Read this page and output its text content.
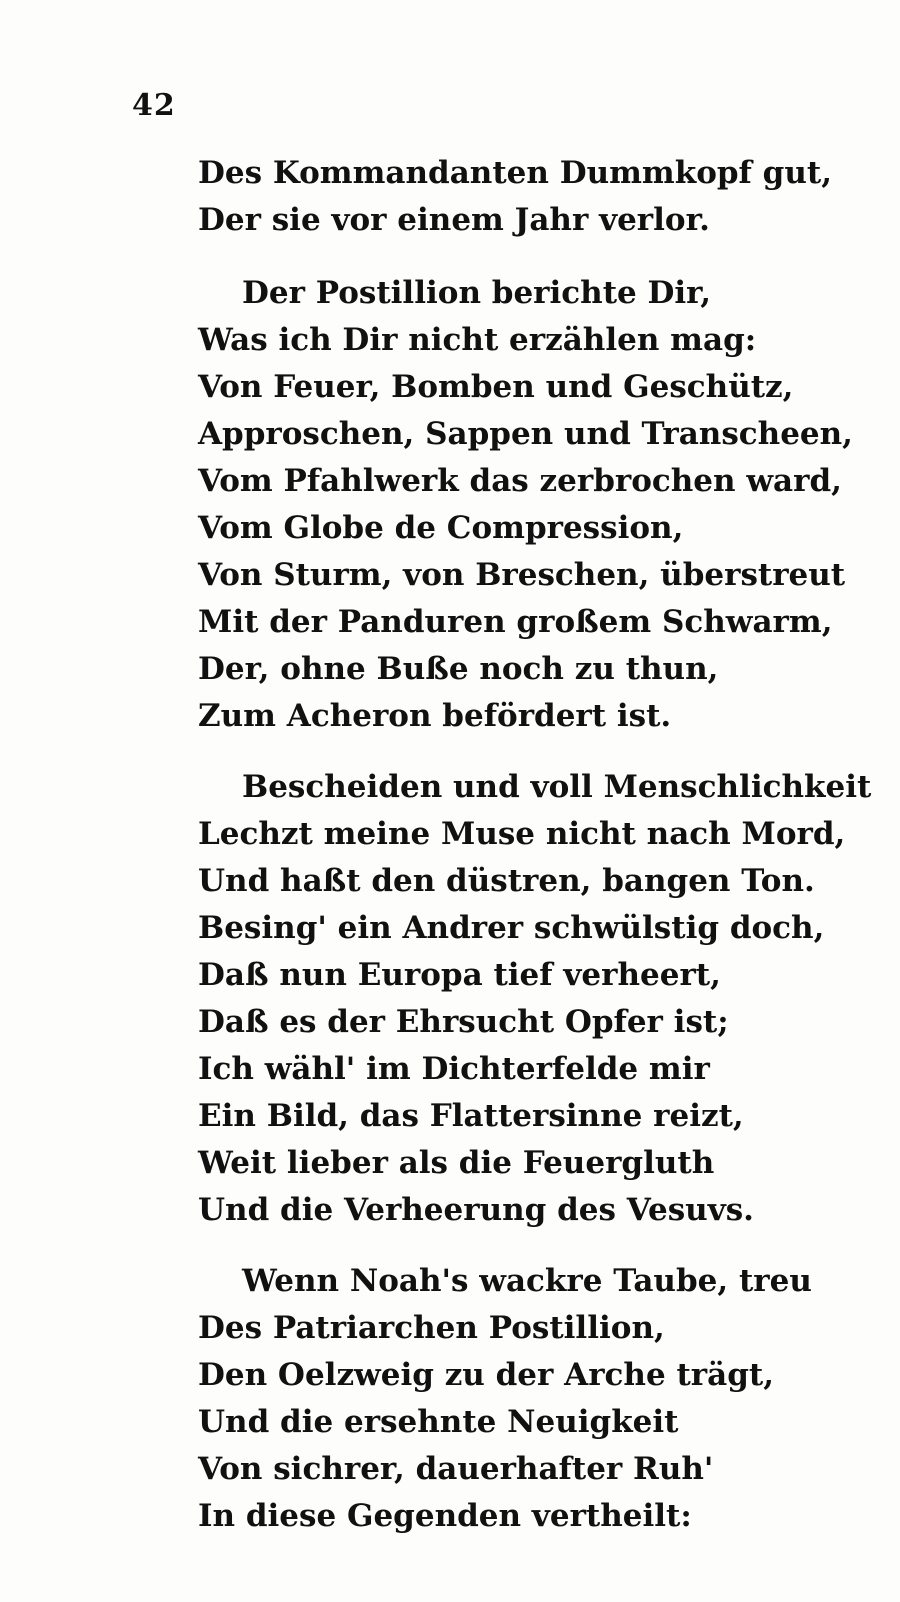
42
Des Kommandanten Dummkopf gut,
Der sie vor einem Jahr verlor.
Der Postillion berichte Dir,
Was ich Dir nicht erzählen mag:
Von Feuer, Bomben und Geschütz,
Approschen, Sappen und Transcheen,
Vom Pfahlwerk das zerbrochen ward,
Vom Globe de Compression,
Von Sturm, von Breschen, überstreut
Mit der Panduren großem Schwarm,
Der, ohne Buße noch zu thun,
Zum Acheron befördert ist.
Bescheiden und voll Menschlichkeit
Lechzt meine Muse nicht nach Mord,
Und haßt den düstren, bangen Ton.
Besing' ein Andrer schwülstig doch,
Daß nun Europa tief verheert,
Daß es der Ehrsucht Opfer ist;
Ich wähl' im Dichterfelde mir
Ein Bild, das Flattersinne reizt,
Weit lieber als die Feuergluth
Und die Verheerung des Vesuvs.
Wenn Noah's wackre Taube, treu
Des Patriarchen Postillion,
Den Oelzweig zu der Arche trägt,
Und die ersehnte Neuigkeit
Von sichrer, dauerhafter Ruh'
In diese Gegenden vertheilt:
